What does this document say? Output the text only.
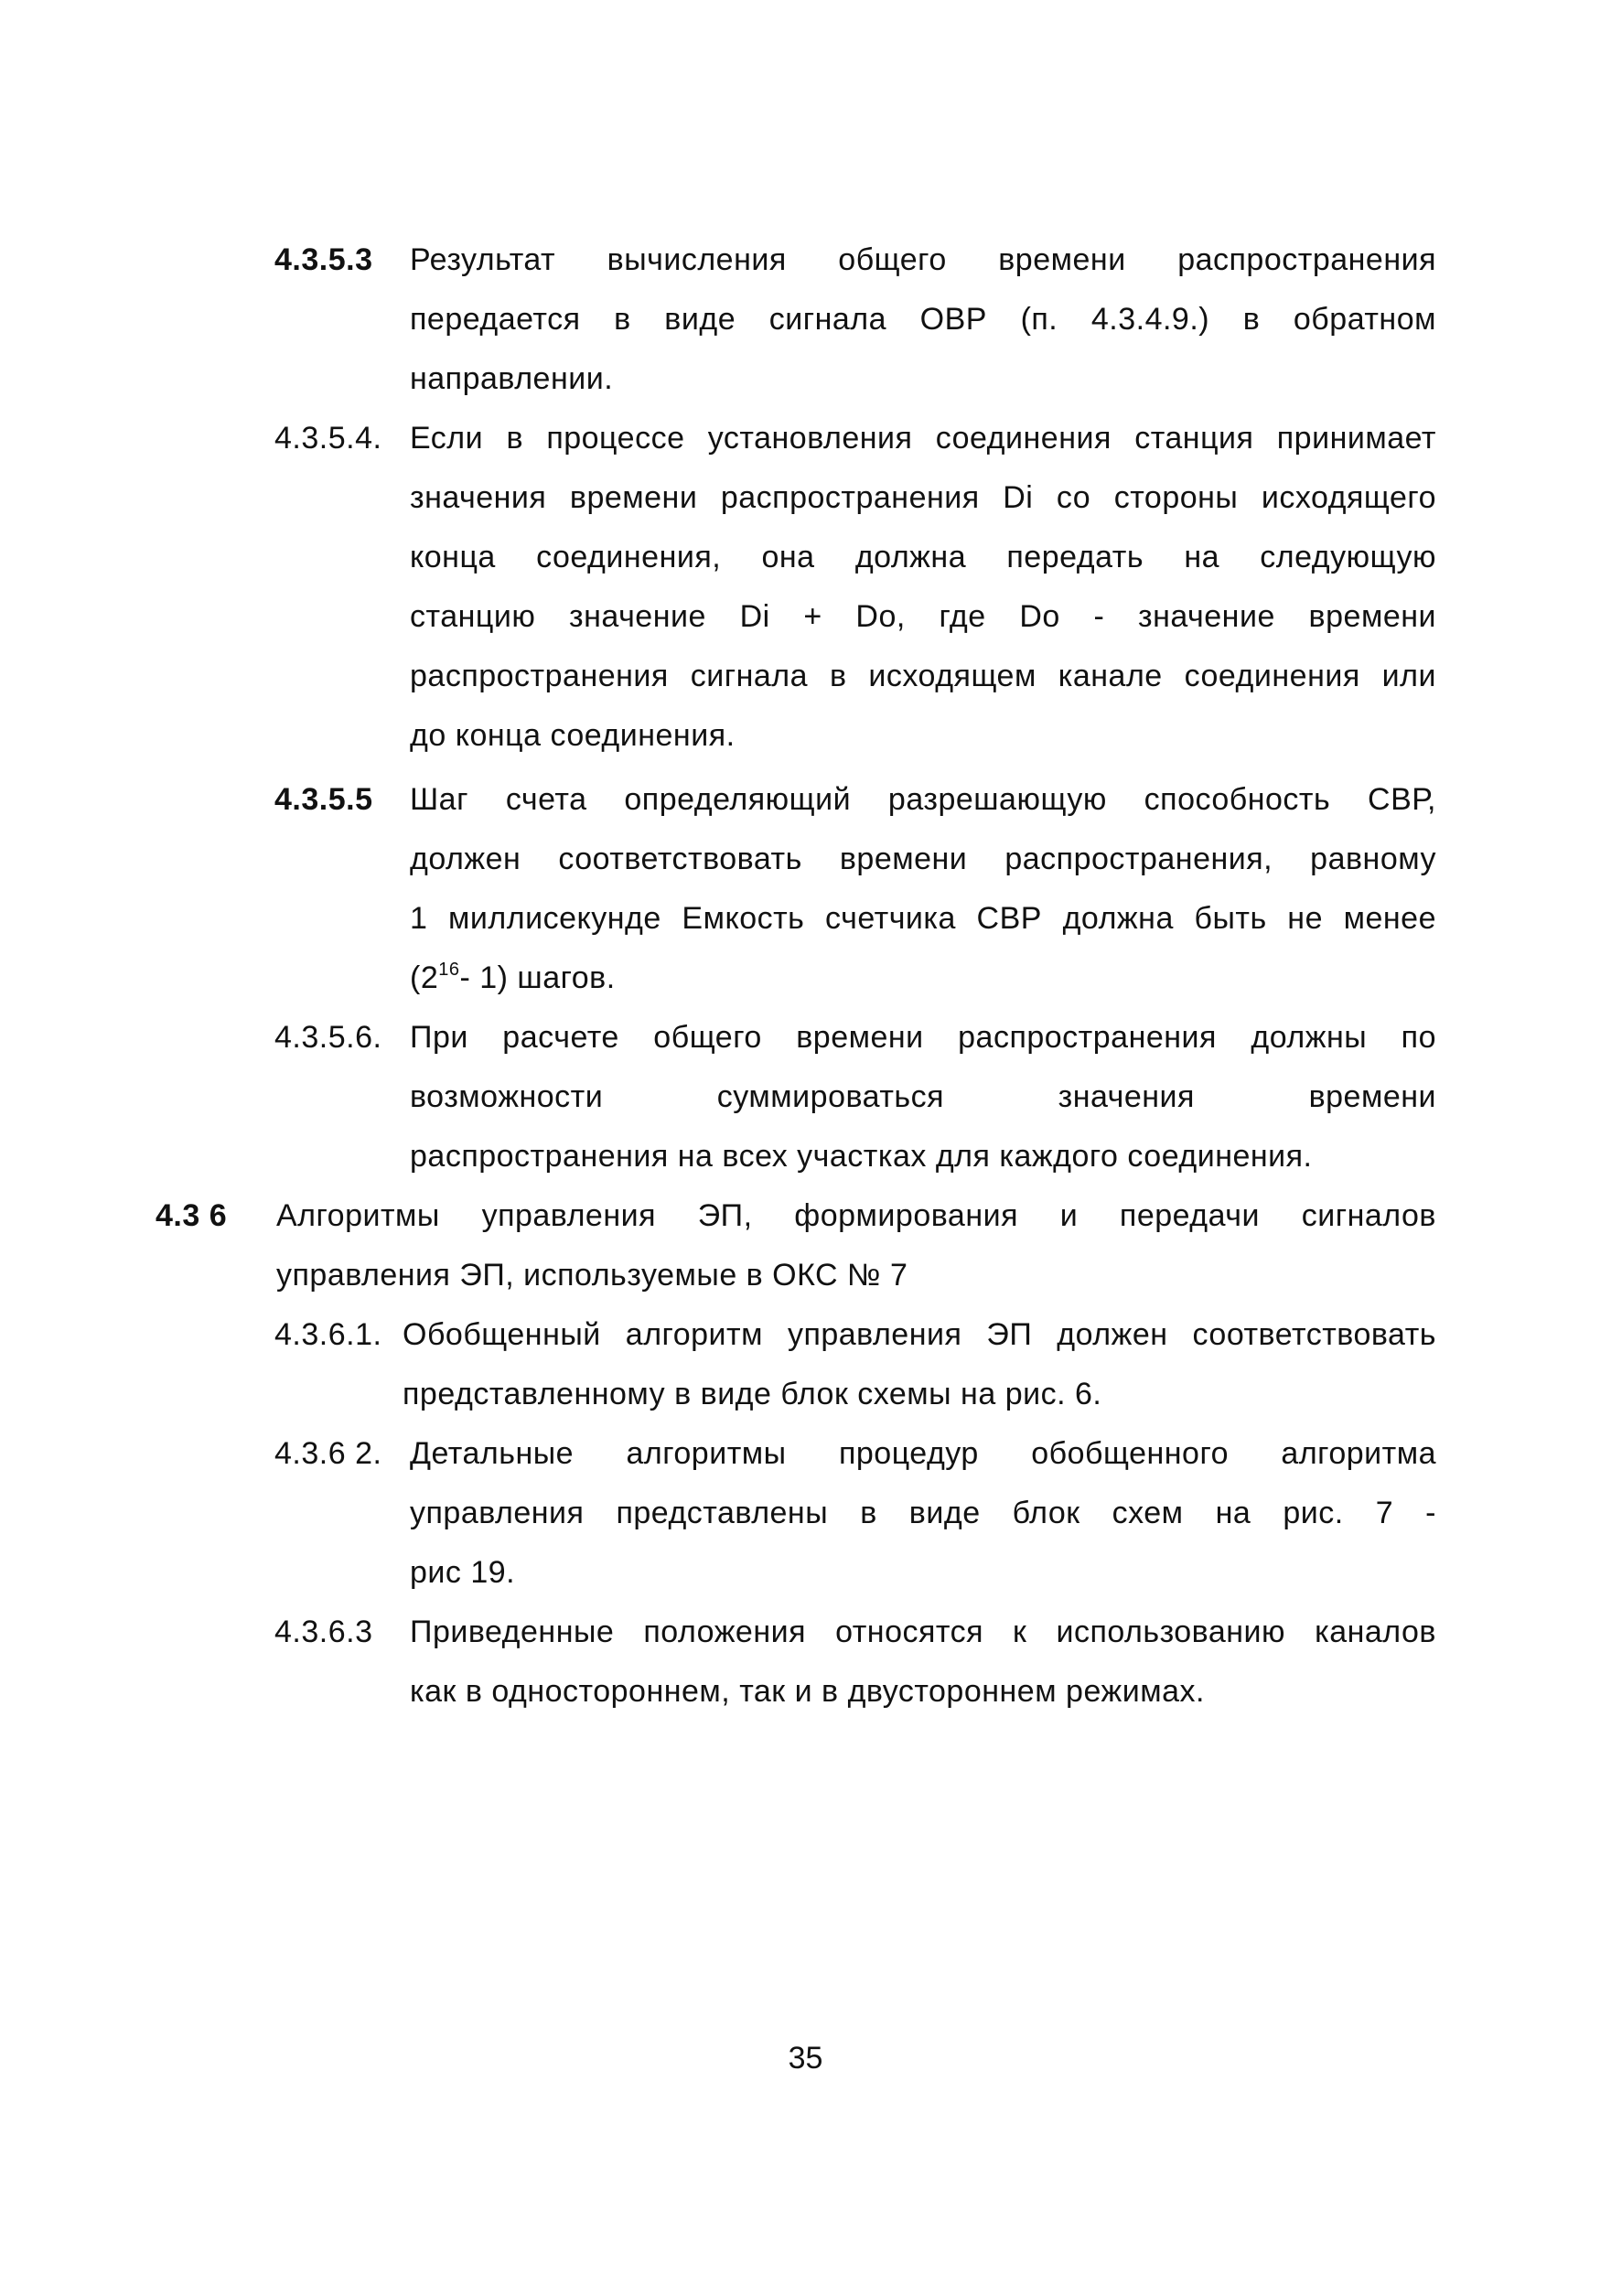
4.3.5.3 Результат вычисления общего времени распространения
передается в виде сигнала ОВР (п. 4.3.4.9.) в обратном
направлении.
4.3.5.4. Если в процессе установления соединения станция принимает
значения времени распространения Di со стороны исходящего
конца соединения, она должна передать на следующую
станцию значение Di + Do, где Do - значение времени
распространения сигнала в исходящем канале соединения или
до конца соединения.
4.3.5.5 Шаг счета определяющий разрешающую способность СВР,
должен соответствовать времени распространения, равному
1 миллисекунде Емкость счетчика СВР должна быть не менее
($2^{16}-$ 1) шагов.
4.3.5.6. При расчете общего времени распространения должны по
возможности суммироваться значения времени
распространения на всех участках для каждого соединения.
4.3 6 Алгоритмы управления ЭП, формирования и передачи сигналов
управления ЭП, используемые в ОКС № 7
4.3.6.1. Обобщенный алгоритм управления ЭП должен соответствовать
представленному в виде блок схемы на рис. 6.
4.3.6 2. Детальные алгоритмы процедур обобщенного алгоритма
управления представлены в виде блок схем на рис. 7 -
рис 19.
4.3.6.3 Приведенные положения относятся к использованию каналов
как в одностороннем, так и в двустороннем режимах.
35
